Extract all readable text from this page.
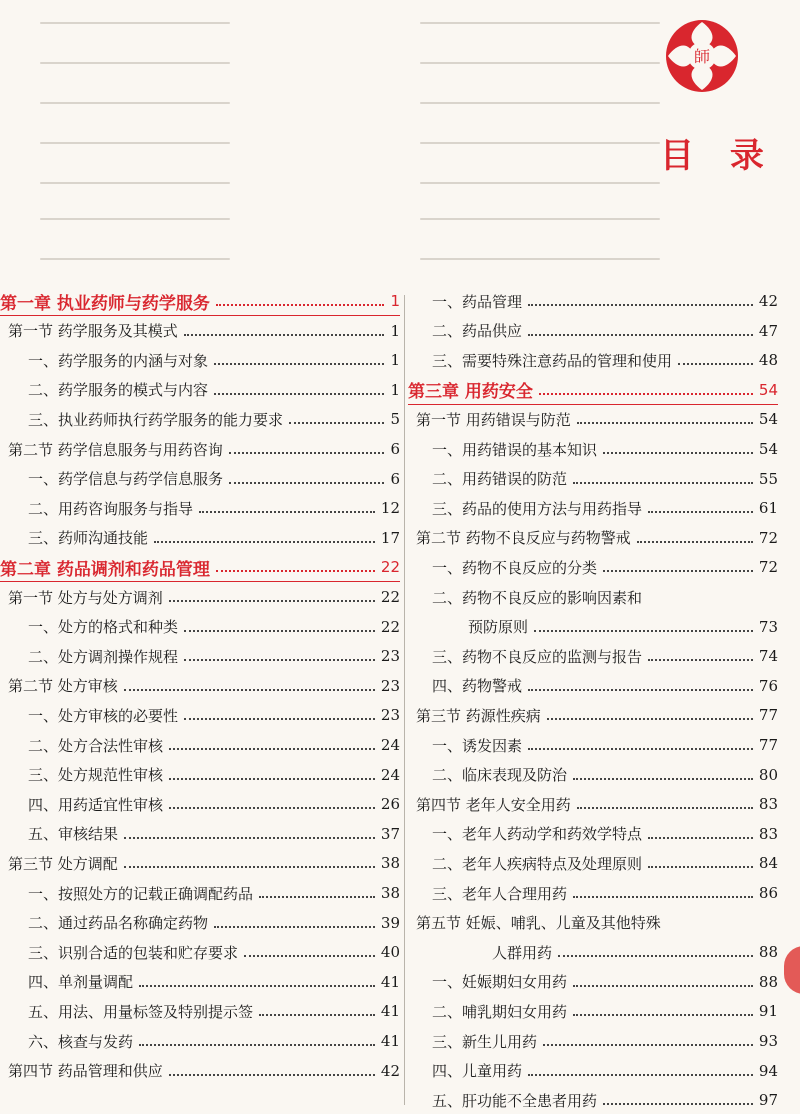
師
目 录
第一章 执业药师与药学服务	1
第一节 药学服务及其模式	1
一、药学服务的内涵与对象	1
二、药学服务的模式与内容	1
三、执业药师执行药学服务的能力要求	5
第二节 药学信息服务与用药咨询	6
一、药学信息与药学信息服务	6
二、用药咨询服务与指导	12
三、药师沟通技能	17
第二章 药品调剂和药品管理	22
第一节 处方与处方调剂	22
一、处方的格式和种类	22
二、处方调剂操作规程	23
第二节 处方审核	23
一、处方审核的必要性	23
二、处方合法性审核	24
三、处方规范性审核	24
四、用药适宜性审核	26
五、审核结果	37
第三节 处方调配	38
一、按照处方的记载正确调配药品	38
二、通过药品名称确定药物	39
三、识别合适的包装和贮存要求	40
四、单剂量调配	41
五、用法、用量标签及特别提示签	41
六、核查与发药	41
第四节 药品管理和供应	42
一、药品管理	42
二、药品供应	47
三、需要特殊注意药品的管理和使用	48
第三章 用药安全	54
第一节 用药错误与防范	54
一、用药错误的基本知识	54
二、用药错误的防范	55
三、药品的使用方法与用药指导	61
第二节 药物不良反应与药物警戒	72
一、药物不良反应的分类	72
二、药物不良反应的影响因素和
预防原则	73
三、药物不良反应的监测与报告	74
四、药物警戒	76
第三节 药源性疾病	77
一、诱发因素	77
二、临床表现及防治	80
第四节 老年人安全用药	83
一、老年人药动学和药效学特点	83
二、老年人疾病特点及处理原则	84
三、老年人合理用药	86
第五节 妊娠、哺乳、儿童及其他特殊
人群用药	88
一、妊娠期妇女用药	88
二、哺乳期妇女用药	91
三、新生儿用药	93
四、儿童用药	94
五、肝功能不全患者用药	97
